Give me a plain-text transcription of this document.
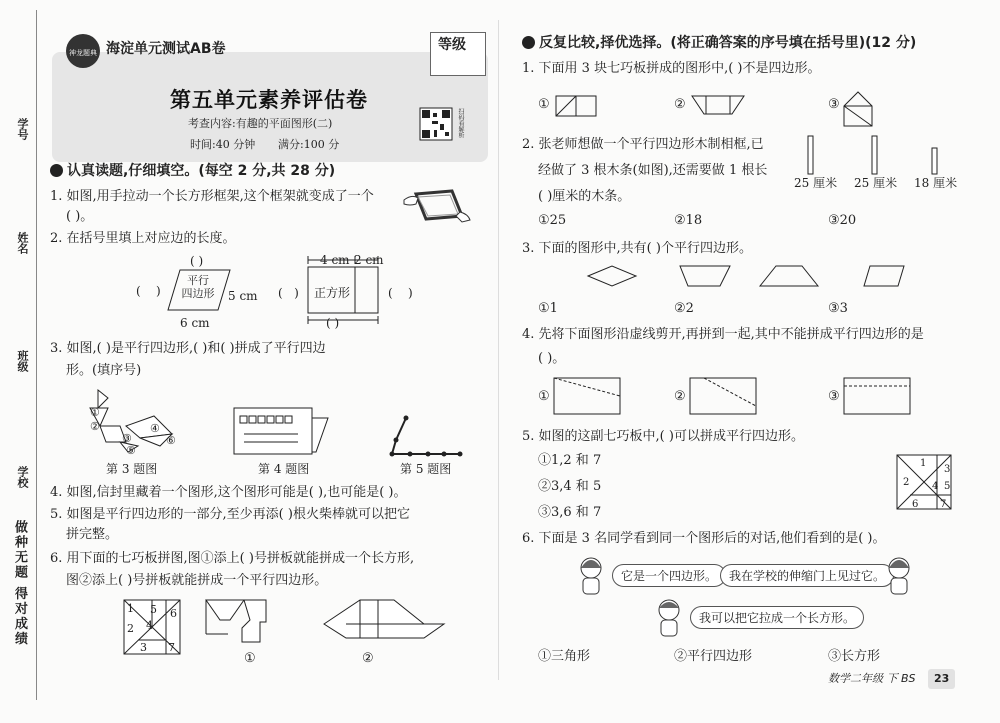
学号
姓名
班级
学校
做种无题 得对成绩
神龙题典 海淀单元测试AB卷	等级
第五单元素养评估卷
考查内容:有趣的平面图形(二)
时间:40 分钟 满分:100 分
扫码看解析
认真读题,仔细填空。(每空 2 分,共 28 分)
1. 如图,用手拉动一个长方形框架,这个框架就变成了一个
( )。
2. 在括号里填上对应边的长度。
( )
(    )
平行
四边形	5 cm
6 cm
4 cm 2 cm
(   ) 正方形	(    )
( )
3. 如图,( )是平行四边形,( )和( )拼成了平行四边
形。(填序号)
①
②
③
④
⑤
⑥
第 3 题图	第 4 题图	第 5 题图
4. 如图,信封里藏着一个图形,这个图形可能是( ),也可能是( )。
5. 如图是平行四边形的一部分,至少再添( )根火柴棒就可以把它
拼完整。
6. 用下面的七巧板拼图,图①添上( )号拼板就能拼成一个长方形,
图②添上( )号拼板就能拼成一个平行四边形。
1
2
3
4
5 6
7
①	②
反复比较,择优选择。(将正确答案的序号填在括号里)(12 分)
1. 下面用 3 块七巧板拼成的图形中,( )不是四边形。
①	②	③
2. 张老师想做一个平行四边形木制相框,已
经做了 3 根木条(如图),还需要做 1 根长
( )厘米的木条。
25 厘米 25 厘米 18 厘米
①25	②18	③20
3. 下面的图形中,共有( )个平行四边形。
①1	②2	③3
4. 先将下面图形沿虚线剪开,再拼到一起,其中不能拼成平行四边形的是
( )。
①	②	③
5. 如图的这副七巧板中,( )可以拼成平行四边形。
①1,2 和 7
②3,4 和 5
③3,6 和 7
1
2
3
4 5
6 7
6. 下面是 3 名同学看到同一个图形后的对话,他们看到的是( )。
它是一个四边形。 我在学校的伸缩门上见过它。
我可以把它拉成一个长方形。
①三角形	②平行四边形	③长方形
数学二年级 下 BS	23
